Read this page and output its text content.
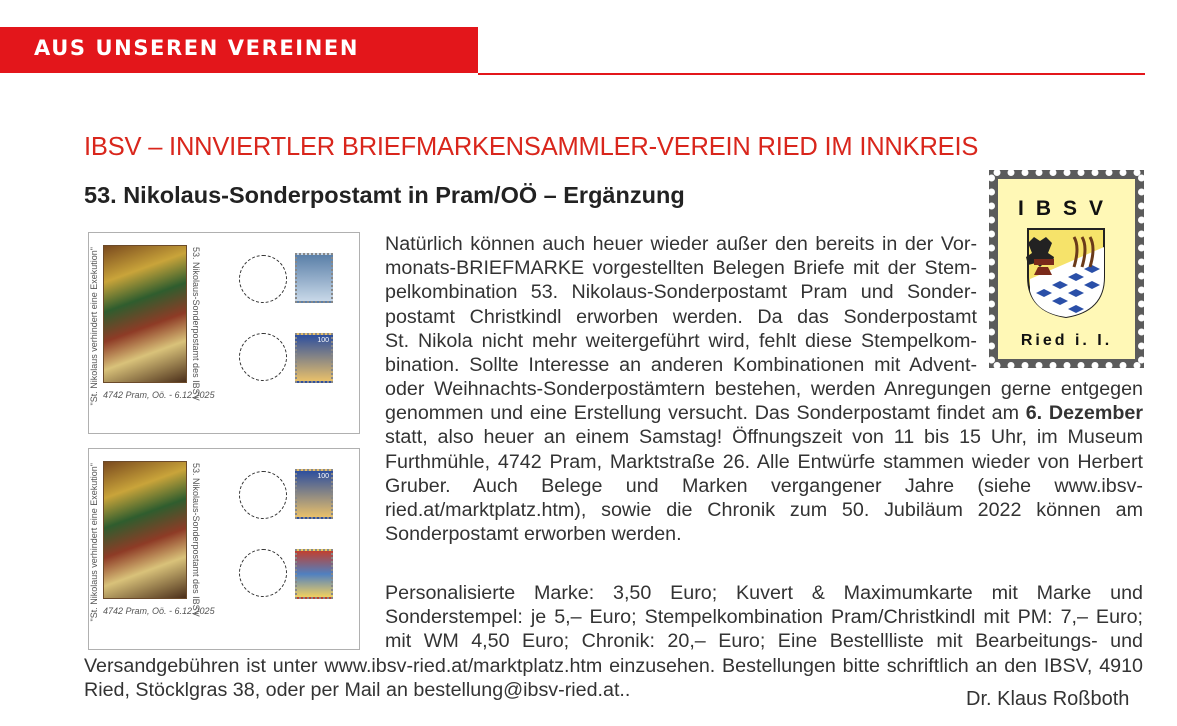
AUS UNSEREN VEREINEN
IBSV – INNVIERTLER BRIEFMARKENSAMMLER-VEREIN RIED IM INNKREIS
53. Nikolaus-Sonderpostamt in Pram/OÖ – Ergänzung
"St. Nikolaus verhindert eine Exekution"	53. Nikolaus-Sonderpostamt des IBSV
4742 Pram, Oö. - 6.12.2025
100
"St. Nikolaus verhindert eine Exekution"	53. Nikolaus-Sonderpostamt des IBSV
4742 Pram, Oö. - 6.12.2025
100
Natürlich können auch heuer wieder außer den bereits in der Vor-
monats-BRIEFMARKE vorgestellten Belegen Briefe mit der Stem-
pelkombination 53. Nikolaus-Sonderpostamt Pram und Sonder-
postamt Christkindl erworben werden. Da das Sonderpostamt
St. Nikola nicht mehr weitergeführt wird, fehlt diese Stempelkom-
bination. Sollte Interesse an anderen Kombinationen mit Advent-

oder Weihnachts-Sonderpostämtern bestehen, werden Anregungen gerne entgegen genommen und eine Erstellung versucht. Das Sonderpostamt findet am 6. Dezember statt, also heuer an einem Samstag! Öffnungszeit von 11 bis 15 Uhr, im Museum Furthmühle, 4742 Pram, Marktstraße 26. Alle Entwürfe stammen wieder von Herbert Gruber. Auch Belege und Marken vergangener Jahre (siehe www.ibsv-ried.at/marktplatz.htm), sowie die Chronik zum 50. Jubiläum 2022 können am Sonderpostamt erworben werden.

Personalisierte Marke: 3,50 Euro; Kuvert & Maximumkarte mit Marke und
Sonderstempel: je 5,– Euro; Stempelkombination Pram/Christkindl mit PM: 7,– Euro;
mit WM 4,50 Euro; Chronik: 20,– Euro; Eine Bestellliste mit Bearbeitungs- und
Versandgebühren ist unter www.ibsv-ried.at/marktplatz.htm einzusehen. Bestellungen bitte schriftlich an den IBSV, 4910
Ried, Stöcklgras 38, oder per Mail an bestellung@ibsv-ried.at..	Dr. Klaus Roßboth
IBSV
Ried i. I.
